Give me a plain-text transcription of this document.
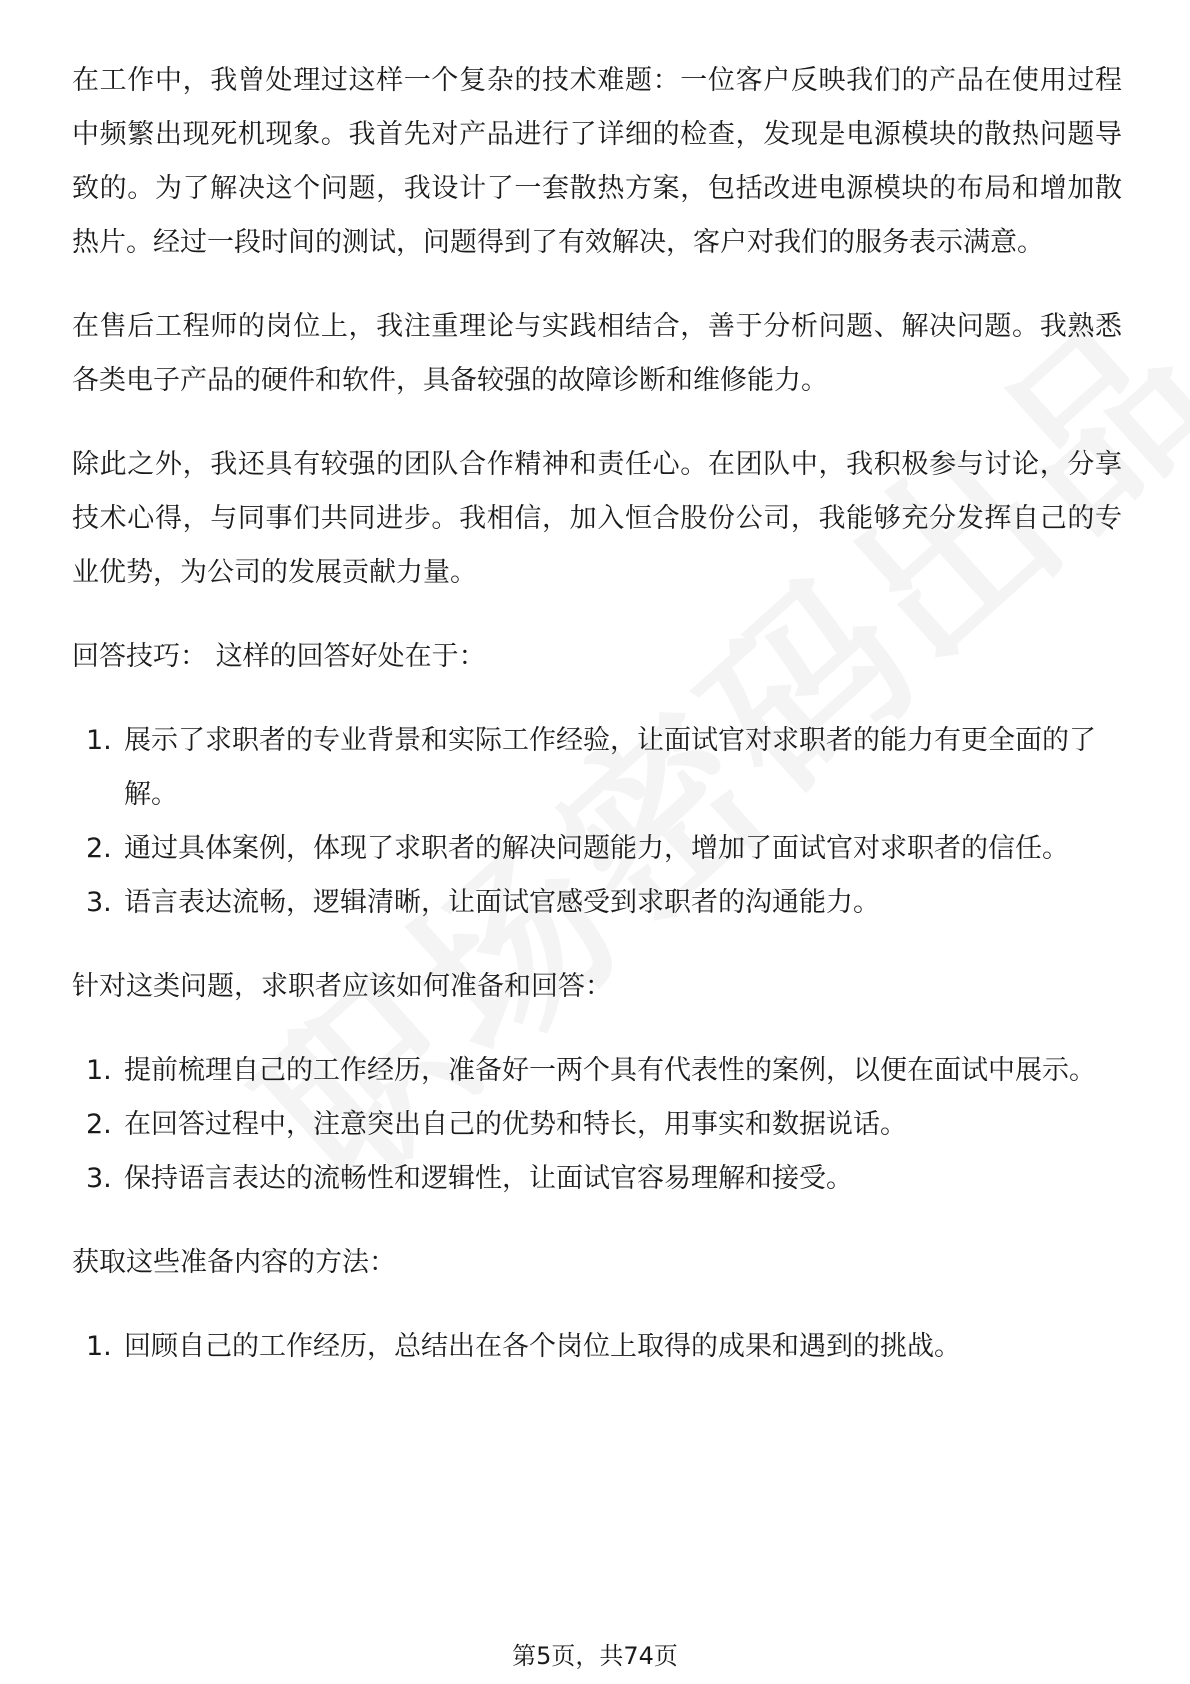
在工作中，我曾处理过这样一个复杂的技术难题：一位客户反映我们的产品在使用过程中频繁出现死机现象。我首先对产品进行了详细的检查，发现是电源模块的散热问题导致的。为了解决这个问题，我设计了一套散热方案，包括改进电源模块的布局和增加散热片。经过一段时间的测试，问题得到了有效解决，客户对我们的服务表示满意。

在售后工程师的岗位上，我注重理论与实践相结合，善于分析问题、解决问题。我熟悉各类电子产品的硬件和软件，具备较强的故障诊断和维修能力。

除此之外，我还具有较强的团队合作精神和责任心。在团队中，我积极参与讨论，分享技术心得，与同事们共同进步。我相信，加入恒合股份公司，我能够充分发挥自己的专业优势，为公司的发展贡献力量。

回答技巧： 这样的回答好处在于：
1. 展示了求职者的专业背景和实际工作经验，让面试官对求职者的能力有更全面的了解。
2. 通过具体案例，体现了求职者的解决问题能力，增加了面试官对求职者的信任。
3. 语言表达流畅，逻辑清晰，让面试官感受到求职者的沟通能力。
针对这类问题，求职者应该如何准备和回答：
1. 提前梳理自己的工作经历，准备好一两个具有代表性的案例，以便在面试中展示。
2. 在回答过程中，注意突出自己的优势和特长，用事实和数据说话。
3. 保持语言表达的流畅性和逻辑性，让面试官容易理解和接受。
获取这些准备内容的方法：
1. 回顾自己的工作经历，总结出在各个岗位上取得的成果和遇到的挑战。
第5页，共74页
